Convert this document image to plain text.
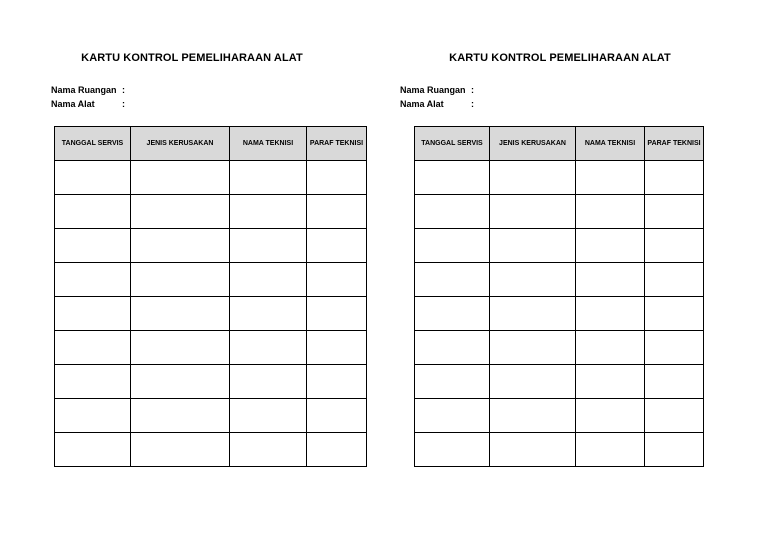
KARTU KONTROL PEMELIHARAAN ALAT
Nama Ruangan :
Nama Alat	:
TANGGAL SERVIS	JENIS KERUSAKAN	NAMA TEKNISI	PARAF TEKNISI

KARTU KONTROL PEMELIHARAAN ALAT
Nama Ruangan :
Nama Alat	:
TANGGAL SERVIS	JENIS KERUSAKAN	NAMA TEKNISI	PARAF TEKNISI
